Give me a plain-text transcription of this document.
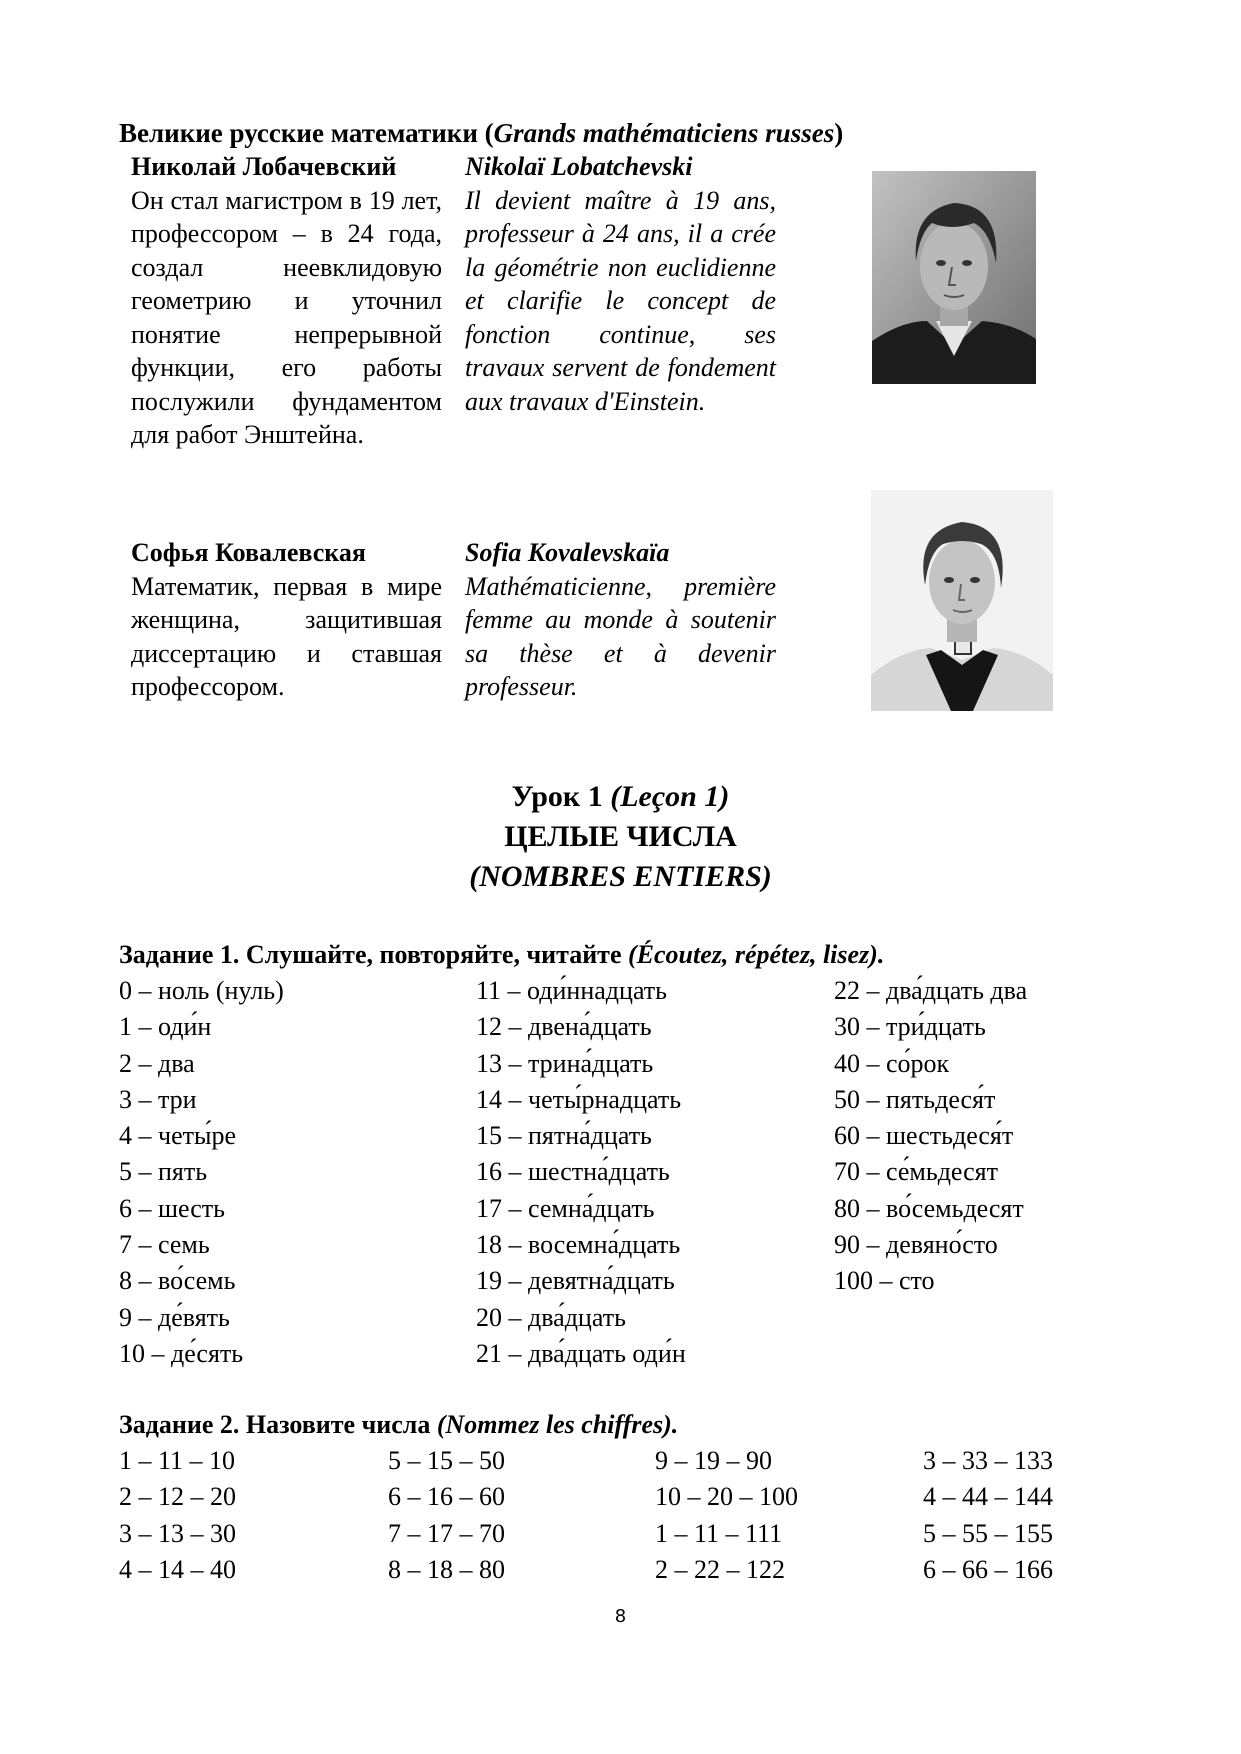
Великие русские математики (Grands mathématiciens russes)
Николай Лобачевский
Он стал магистром в 19 лет, профессором – в 24 года, создал неевклидовую геометрию и уточнил понятие непрерывной функции, его работы послужили фундаментом для работ Энштейна.
Nikolaï Lobatchevski
Il devient maître à 19 ans, professeur à 24 ans, il a crée la géométrie non euclidienne et clarifie le concept de fonction continue, ses travaux servent de fondement aux travaux d'Einstein.
Софья Ковалевская
Математик, первая в мире женщина, защитившая диссертацию и ставшая профессором.
Sofia Kovalevskaïa
Mathématicienne, première femme au monde à soutenir sa thèse et à devenir professeur.
Урок 1 (Leçon 1)
ЦЕЛЫЕ ЧИСЛА
(NOMBRES ENTIERS)
Задание 1. Слушайте, повторяйте, читайте (Écoutez, répétez, lisez).
0 – ноль (нуль)
1 – оди́н
2 – два
3 – три
4 – четы́ре
5 – пять
6 – шесть
7 – семь
8 – во́семь
9 – де́вять
10 – де́сять
11 – оди́ннадцать
12 – двена́дцать
13 – трина́дцать
14 – четы́рнадцать
15 – пятна́дцать
16 – шестна́дцать
17 – семна́дцать
18 – восемна́дцать
19 – девятна́дцать
20 – два́дцать
21 – два́дцать оди́н
22 – два́дцать два
30 – три́дцать
40 – со́рок
50 – пятьдеся́т
60 – шестьдеся́т
70 – се́мьдесят
80 – во́семьдесят
90 – девяно́сто
100 – сто
Задание 2. Назовите числа (Nommez les chiffres).
1 – 11 – 10
2 – 12 – 20
3 – 13 – 30
4 – 14 – 40
5 – 15 – 50
6 – 16 – 60
7 – 17 – 70
8 – 18 – 80
9 – 19 – 90
10 – 20 – 100
1 – 11 – 111
2 – 22 – 122
3 – 33 – 133
4 – 44 – 144
5 – 55 – 155
6 – 66 – 166
8
